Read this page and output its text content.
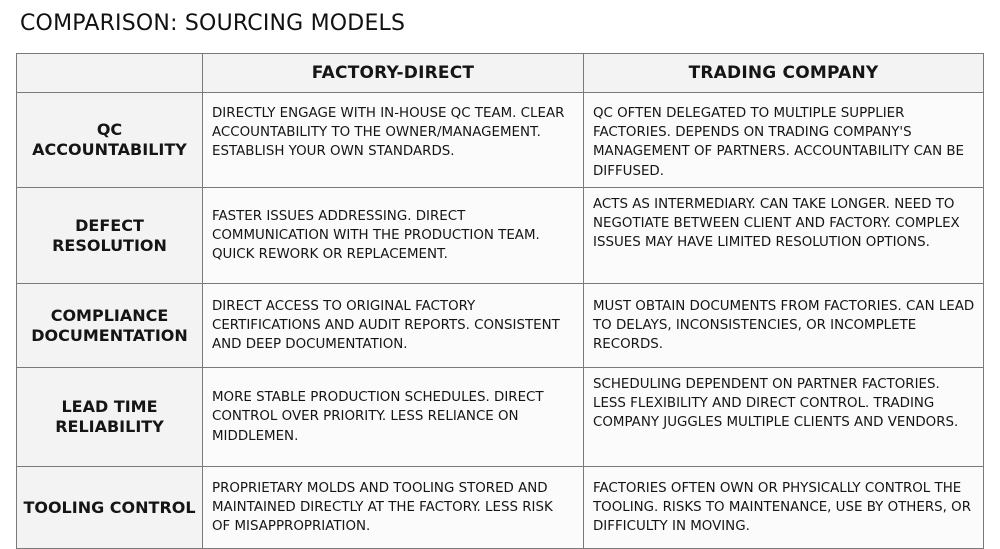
COMPARISON: SOURCING MODELS
	FACTORY-DIRECT	TRADING COMPANY
QC ACCOUNTABILITY	DIRECTLY ENGAGE WITH IN-HOUSE QC TEAM. CLEAR ACCOUNTABILITY TO THE OWNER/MANAGEMENT. ESTABLISH YOUR OWN STANDARDS.	QC OFTEN DELEGATED TO MULTIPLE SUPPLIER FACTORIES. DEPENDS ON TRADING COMPANY'S MANAGEMENT OF PARTNERS. ACCOUNTABILITY CAN BE DIFFUSED.

DEFECT RESOLUTION	FASTER ISSUES ADDRESSING. DIRECT COMMUNICATION WITH THE PRODUCTION TEAM. QUICK REWORK OR REPLACEMENT.	ACTS AS INTERMEDIARY. CAN TAKE LONGER. NEED TO NEGOTIATE BETWEEN CLIENT AND FACTORY. COMPLEX ISSUES MAY HAVE LIMITED RESOLUTION OPTIONS.

COMPLIANCE DOCUMENTATION	DIRECT ACCESS TO ORIGINAL FACTORY CERTIFICATIONS AND AUDIT REPORTS. CONSISTENT AND DEEP DOCUMENTATION.	MUST OBTAIN DOCUMENTS FROM FACTORIES. CAN LEAD TO DELAYS, INCONSISTENCIES, OR INCOMPLETE RECORDS.

LEAD TIME RELIABILITY	MORE STABLE PRODUCTION SCHEDULES. DIRECT CONTROL OVER PRIORITY. LESS RELIANCE ON MIDDLEMEN.	SCHEDULING DEPENDENT ON PARTNER FACTORIES. LESS FLEXIBILITY AND DIRECT CONTROL. TRADING COMPANY JUGGLES MULTIPLE CLIENTS AND VENDORS.

TOOLING CONTROL	PROPRIETARY MOLDS AND TOOLING STORED AND MAINTAINED DIRECTLY AT THE FACTORY. LESS RISK OF MISAPPROPRIATION.	FACTORIES OFTEN OWN OR PHYSICALLY CONTROL THE TOOLING. RISKS TO MAINTENANCE, USE BY OTHERS, OR DIFFICULTY IN MOVING.
